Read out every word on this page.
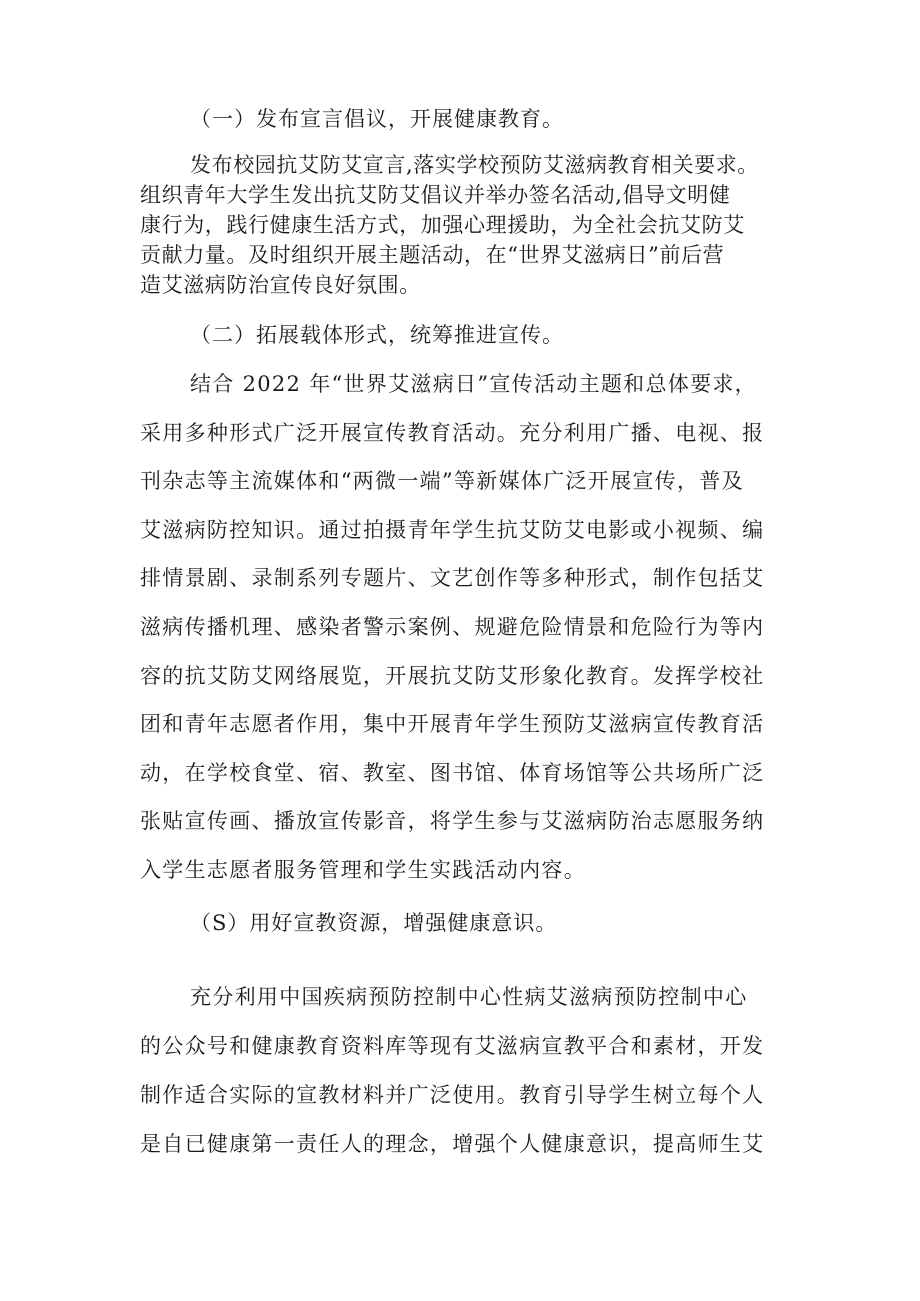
（一）发布宣言倡议，开展健康教育。
发布校园抗艾防艾宣言,落实学校预防艾滋病教育相关要求。
组织青年大学生发出抗艾防艾倡议并举办签名活动,倡导文明健
康行为，践行健康生活方式，加强心理援助，为全社会抗艾防艾
贡献力量。及时组织开展主题活动，在“世界艾滋病日”前后营
造艾滋病防治宣传良好氛围。
（二）拓展载体形式，统筹推进宣传。
结合 2022 年“世界艾滋病日”宣传活动主题和总体要求，
采用多种形式广泛开展宣传教育活动。充分利用广播、电视、报
刊杂志等主流媒体和“两微一端”等新媒体广泛开展宣传，普及
艾滋病防控知识。通过拍摄青年学生抗艾防艾电影或小视频、编
排情景剧、录制系列专题片、文艺创作等多种形式，制作包括艾
滋病传播机理、感染者警示案例、规避危险情景和危险行为等内
容的抗艾防艾网络展览，开展抗艾防艾形象化教育。发挥学校社
团和青年志愿者作用，集中开展青年学生预防艾滋病宣传教育活
动，在学校食堂、宿、教室、图书馆、体育场馆等公共场所广泛
张贴宣传画、播放宣传影音，将学生参与艾滋病防治志愿服务纳
入学生志愿者服务管理和学生实践活动内容。
（S）用好宣教资源，增强健康意识。
充分利用中国疾病预防控制中心性病艾滋病预防控制中心
的公众号和健康教育资料库等现有艾滋病宣教平合和素材，开发
制作适合实际的宣教材料并广泛使用。教育引导学生树立每个人
是自已健康第一责任人的理念，增强个人健康意识，提高师生艾
